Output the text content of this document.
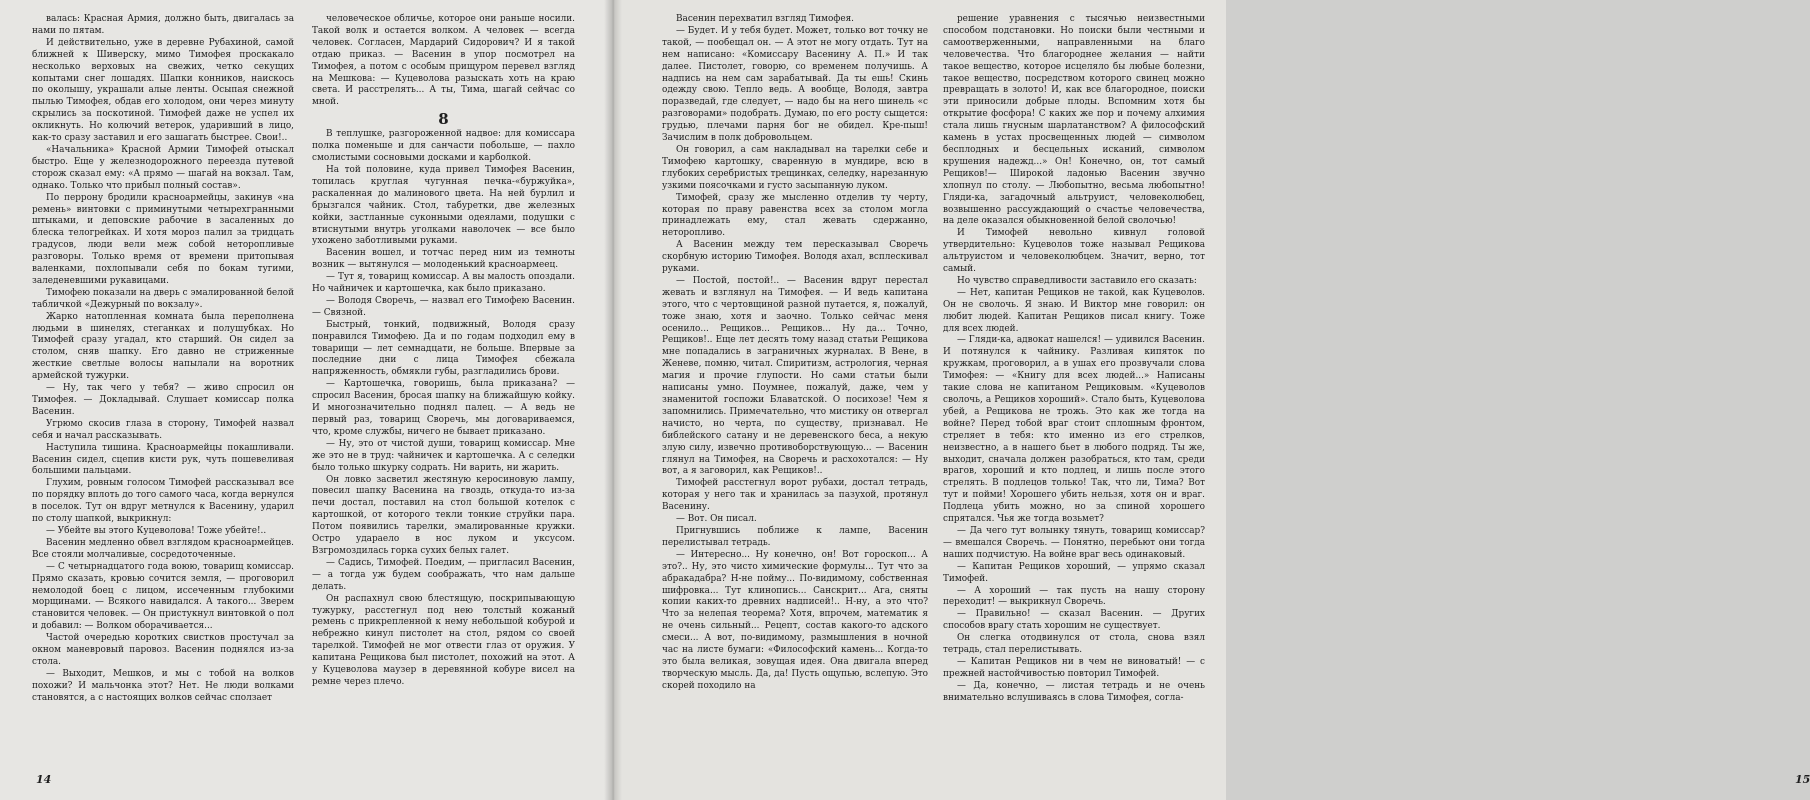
валась: Красная Армия, должно быть, двигалась за нами по пятам.

И действительно, уже в деревне Рубахиной, самой ближней к Шиверску, мимо Тимофея проскакало несколько верховых на свежих, четко секущих копытами снег лошадях. Шапки конников, наискось по околышу, украшали алые ленты. Осыпая снежной пылью Тимофея, обдав его холодом, они через минуту скрылись за поскотиной. Тимофей даже не успел их окликнуть. Но колючий ветерок, ударивший в лицо, как-то сразу заставил и его зашагать быстрее. Свои!..

«Начальника» Красной Армии Тимофей отыскал быстро. Еще у железнодорожного переезда путевой сторож сказал ему: «А прямо — шагай на вокзал. Там, однако. Только что прибыл полный состав».

По перрону бродили красноармейцы, закинув «на ремень» винтовки с приминутыми четырехгранными штыками, и деповские рабочие в засаленных до блеска телогрейках. И хотя мороз палил за тридцать градусов, люди вели меж собой неторопливые разговоры. Только время от времени притопывая валенками, похлопывали себя по бокам тугими, заледеневшими рукавицами.

Тимофею показали на дверь с эмалированной белой табличкой «Дежурный по вокзалу».

Жарко натопленная комната была переполнена людьми в шинелях, стеганках и полушубках. Но Тимофей сразу угадал, кто старший. Он сидел за столом, сняв шапку. Его давно не стриженные жесткие светлые волосы напылали на воротник армейской тужурки.

— Ну, так чего у тебя? — живо спросил он Тимофея. — Докладывай. Слушает комиссар полка Васенин.

Угрюмо скосив глаза в сторону, Тимофей назвал себя и начал рассказывать.

Наступила тишина. Красноармейцы покашливали. Васенин сидел, сцепив кисти рук, чуть пошевеливая большими пальцами.

Глухим, ровным голосом Тимофей рассказывал все по порядку вплоть до того самого часа, когда вернулся в поселок. Тут он вдруг метнулся к Васенину, ударил по столу шапкой, выкрикнул:

— Убейте вы этого Куцеволова! Тоже убейте!..

Васенин медленно обвел взглядом красноармейцев. Все стояли молчаливые, сосредоточенные.

— С четырнадцатого года воюю, товарищ комиссар. Прямо сказать, кровью сочится земля, — проговорил немолодой боец с лицом, иссеченным глубокими морщинами. — Всякого навидался. А такого... Зверем становится человек. — Он пристукнул винтовкой о пол и добавил: — Волком оборачивается...

Частой очередью коротких свистков простучал за окном маневровый паровоз. Васенин поднялся из-за стола.

— Выходит, Мешков, и мы с тобой на волков похожи? И мальчонка этот? Нет. Не люди волками становятся, а с настоящих волков сейчас сползает

человеческое обличье, которое они раньше носили. Такой волк и остается волком. А человек — всегда человек. Согласен, Мардарий Сидорович? И я такой отдаю приказ. — Васенин в упор посмотрел на Тимофея, а потом с особым прищуром перевел взгляд на Мешкова: — Куцеволова разыскать хоть на краю света. И расстрелять... А ты, Тима, шагай сейчас со мной.

8

В теплушке, разгороженной надвое: для комиссара полка поменьше и для санчасти побольше, — пахло смолистыми сосновыми досками и карболкой.

На той половине, куда привел Тимофея Васенин, топилась круглая чугунная печка-«буржуйка», раскаленная до малинового цвета. На ней бурлил и брызгался чайник. Стол, табуретки, две железных койки, застланные суконными одеялами, подушки с втиснутыми внутрь уголками наволочек — все было ухожено заботливыми руками.

Васенин вошел, и тотчас перед ним из темноты возник — вытянулся — молоденький красноармеец.

— Тут я, товарищ комиссар. А вы малость опоздали. Но чайничек и картошечка, как было приказано.

— Володя Своречь, — назвал его Тимофею Васенин. — Связной.

Быстрый, тонкий, подвижный, Володя сразу понравился Тимофею. Да и по годам подходил ему в товарищи — лет семнадцати, не больше. Впервые за последние дни с лица Тимофея сбежала напряженность, обмякли губы, разгладились брови.

— Картошечка, говоришь, была приказана? — спросил Васенин, бросая шапку на ближайшую койку. И многозначительно поднял палец. — А ведь не первый раз, товарищ Своречь, мы договариваемся, что, кроме службы, ничего не бывает приказано.

— Ну, это от чистой души, товарищ комиссар. Мне же это не в труд: чайничек и картошечка. А с селедки было только шкурку содрать. Ни варить, ни жарить.

Он ловко засветил жестяную керосиновую лампу, повесил шапку Васенина на гвоздь, откуда-то из-за печи достал, поставил на стол большой котелок с картошкой, от которого текли тонкие струйки пара. Потом появились тарелки, эмалированные кружки. Остро удараело в нос луком и уксусом. Взгромоздилась горка сухих белых галет.

— Садись, Тимофей. Поедим, — пригласил Васенин, — а тогда уж будем соображать, что нам дальше делать.

Он распахнул свою блестящую, поскрипывающую тужурку, расстегнул под нею толстый кожаный ремень с прикрепленной к нему небольшой кобурой и небрежно кинул пистолет на стол, рядом со своей тарелкой. Тимофей не мог отвести глаз от оружия. У капитана Рещикова был пистолет, похожий на этот. А у Куцеволова маузер в деревянной кобуре висел на ремне через плечо.

14	15

Васенин перехватил взгляд Тимофея.

— Будет. И у тебя будет. Может, только вот точку не такой, — пообещал он. — А этот не могу отдать. Тут на нем написано: «Комиссару Васенину А. П.» И так далее. Пистолет, говорю, со временем получишь. А надпись на нем сам зарабатывай. Да ты ешь! Скинь одежду свою. Тепло ведь. А вообще, Володя, завтра поразведай, где следует, — надо бы на него шинель «с разговорами» подобрать. Думаю, по его росту сыщется: грудью, плечами парня бог не обидел. Кре-пыш! Зачислим в полк добровольцем.

Он говорил, а сам накладывал на тарелки себе и Тимофею картошку, сваренную в мундире, всю в глубоких серебристых трещинках, селедку, нарезанную узкими поясочками и густо засыпанную луком.

Тимофей, сразу же мысленно отделив ту черту, которая по праву равенства всех за столом могла принадлежать ему, стал жевать сдержанно, неторопливо.

А Васенин между тем пересказывал Своречь скорбную историю Тимофея. Володя ахал, всплескивал руками.

— Постой, постой!.. — Васенин вдруг перестал жевать и взглянул на Тимофея. — И ведь капитана этого, что с чертовщиной разной путается, я, пожалуй, тоже знаю, хотя и заочно. Только сейчас меня осенило... Рещиков... Рещиков... Ну да... Точно, Рещиков!.. Еще лет десять тому назад статьи Рещикова мне попадались в заграничных журналах. В Вене, в Женеве, помню, читал. Спиритизм, астрология, черная магия и прочие глупости. Но сами статьи были написаны умно. Поумнее, пожалуй, даже, чем у знаменитой госпожи Блаватской. О посихозе! Чем я запомнились. Примечательно, что мистику он отвергал начисто, но черта, по существу, признавал. Не библейского сатану и не деревенского беса, а некую злую силу, извечно противоборствующую... — Васенин глянул на Тимофея, на Своречь и расхохотался: — Ну вот, а я заговорил, как Рещиков!..

Тимофей расстегнул ворот рубахи, достал тетрадь, которая у него так и хранилась за пазухой, протянул Васенину.

— Вот. Он писал.

Пригнувшись поближе к лампе, Васенин перелистывал тетрадь.

— Интересно... Ну конечно, он! Вот гороскоп... А это?.. Ну, это чисто химические формулы... Тут что за абракадабра? Н-не пойму... По-видимому, собственная шифровка... Тут клинопись... Санскрит... Ага, сняты копии каких-то древних надписей!.. Н-ну, а это что? Что за нелепая теорема? Хотя, впрочем, математик я не очень сильный... Рецепт, состав какого-то адского смеси... А вот, по-видимому, размышления в ночной час на листе бумаги: «Философский камень... Когда-то это была великая, зовущая идея. Она двигала вперед творческую мысль. Да, да! Пусть ощупью, вслепую. Это скорей походило на

решение уравнения с тысячью неизвестными способом подстановки. Но поиски были честными и самоотверженными, направленными на благо человечества. Что благороднее желания — найти такое вещество, которое исцеляло бы любые болезни, такое вещество, посредством которого свинец можно превращать в золото! И, как все благородное, поиски эти приносили добрые плоды. Вспомним хотя бы открытие фосфора! С каких же пор и почему алхимия стала лишь гнусным шарлатанством? А философский камень в устах просвещенных людей — символом бесплодных и бесцельных исканий, символом крушения надежд...» Он! Конечно, он, тот самый Рещиков!— Широкой ладонью Васенин звучно хлопнул по столу. — Любопытно, весьма любопытно! Гляди-ка, загадочный альтруист, человеколюбец, возвышенно рассуждающий о счастье человечества, на деле оказался обыкновенной белой сволочью!

И Тимофей невольно кивнул головой утвердительно: Куцеволов тоже называл Рещикова альтруистом и человеколюбцем. Значит, верно, тот самый.

Но чувство справедливости заставило его сказать:

— Нет, капитан Рещиков не такой, как Куцеволов. Он не сволочь. Я знаю. И Виктор мне говорил: он любит людей. Капитан Рещиков писал книгу. Тоже для всех людей.

— Гляди-ка, адвокат нашелся! — удивился Васенин. И потянулся к чайнику. Разливая кипяток по кружкам, проговорил, а в ушах его прозвучали слова Тимофея: — «Книгу для всех людей...» Написаны такие слова не капитаном Рещиковым. «Куцеволов сволочь, а Рещиков хороший». Стало быть, Куцеволова убей, а Рещикова не трожь. Это как же тогда на войне? Перед тобой враг стоит сплошным фронтом, стреляет в тебя: кто именно из его стрелков, неизвестно, а в нашего бьет в любого подряд. Ты же, выходит, сначала должен разобраться, кто там, среди врагов, хороший и кто подлец, и лишь после этого стрелять. В подлецов только! Так, что ли, Тима? Вот тут и пойми! Хорошего убить нельзя, хотя он и враг. Подлеца убить можно, но за спиной хорошего спрятался. Чья же тогда возьмет?

— Да чего тут волынку тянуть, товарищ комиссар? — вмешался Своречь. — Понятно, перебьют они тогда наших подчистую. На войне враг весь одинаковый.

— Капитан Рещиков хороший, — упрямо сказал Тимофей.

— А хороший — так пусть на нашу сторону переходит! — выкрикнул Своречь.

— Правильно! — сказал Васенин. — Других способов врагу стать хорошим не существует.

Он слегка отодвинулся от стола, снова взял тетрадь, стал перелистывать.

— Капитан Рещиков ни в чем не виноватый! — с прежней настойчивостью повторил Тимофей.

— Да, конечно, — листая тетрадь и не очень внимательно вслушиваясь в слова Тимофея, согла-
